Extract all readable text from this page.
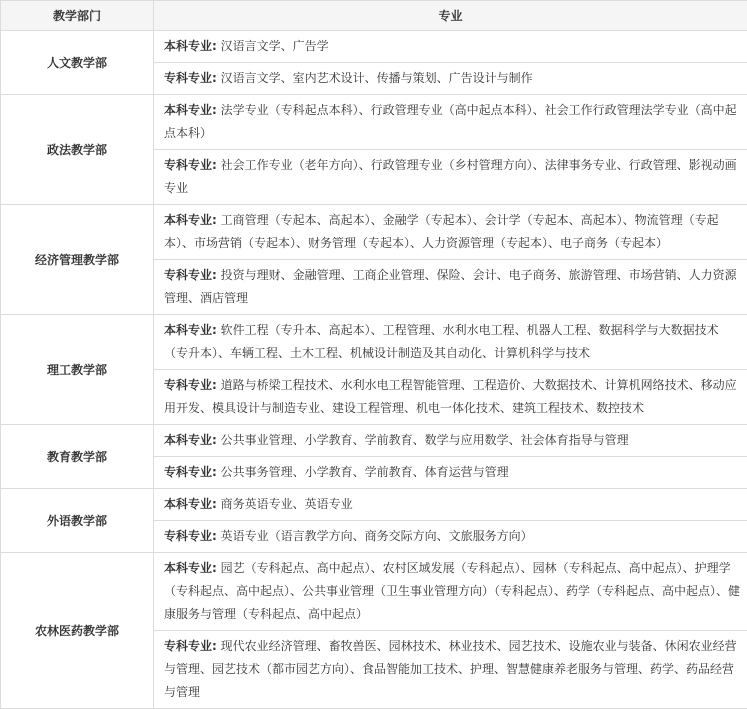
教学部门	专业
人文教学部	本科专业: 汉语言文学、广告学
	专科专业: 汉语言文学、室内艺术设计、传播与策划、广告设计与制作
政法教学部	本科专业: 法学专业（专科起点本科）、行政管理专业（高中起点本科）、社会工作行政管理法学专业（高中起点本科）
	专科专业: 社会工作专业（老年方向）、行政管理专业（乡村管理方向）、法律事务专业、行政管理、影视动画专业
经济管理教学部	本科专业: 工商管理（专起本、高起本）、金融学（专起本）、会计学（专起本、高起本）、物流管理（专起本）、市场营销（专起本）、财务管理（专起本）、人力资源管理（专起本）、电子商务（专起本）
	专科专业: 投资与理财、金融管理、工商企业管理、保险、会计、电子商务、旅游管理、市场营销、人力资源管理、酒店管理
理工教学部	本科专业: 软件工程（专升本、高起本）、工程管理、水利水电工程、机器人工程、数据科学与大数据技术（专升本）、车辆工程、土木工程、机械设计制造及其自动化、计算机科学与技术
	专科专业: 道路与桥梁工程技术、水利水电工程智能管理、工程造价、大数据技术、计算机网络技术、移动应用开发、模具设计与制造专业、建设工程管理、机电一体化技术、建筑工程技术、数控技术
教育教学部	本科专业: 公共事业管理、小学教育、学前教育、数学与应用数学、社会体育指导与管理
	专科专业: 公共事务管理、小学教育、学前教育、体育运营与管理
外语教学部	本科专业: 商务英语专业、英语专业
	专科专业: 英语专业（语言教学方向、商务交际方向、文旅服务方向）
农林医药教学部	本科专业: 园艺（专科起点、高中起点）、农村区域发展（专科起点）、园林（专科起点、高中起点）、护理学（专科起点、高中起点）、公共事业管理（卫生事业管理方向）（专科起点）、药学（专科起点、高中起点）、健康服务与管理（专科起点、高中起点）
	专科专业: 现代农业经济管理、畜牧兽医、园林技术、林业技术、园艺技术、设施农业与装备、休闲农业经营与管理、园艺技术（都市园艺方向）、食品智能加工技术、护理、智慧健康养老服务与管理、药学、药品经营与管理
